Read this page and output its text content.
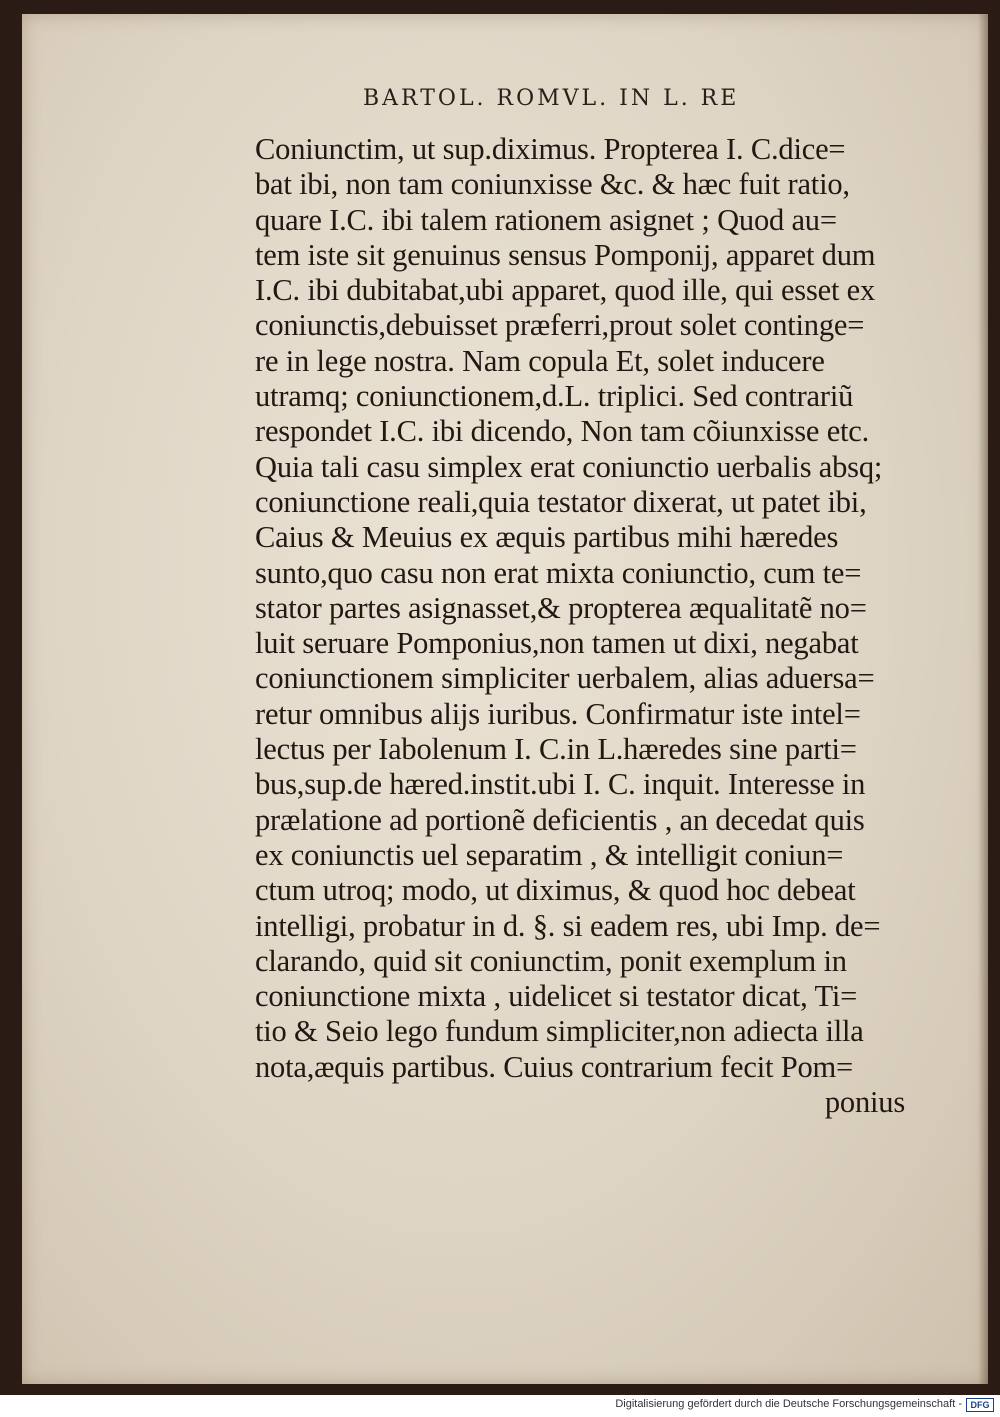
BARTOL. ROMVL. IN L. RE
Coniunctim, ut sup.diximus. Propterea I. C.dice=
bat ibi, non tam coniunxisse &c. & hæc fuit ratio,
quare I.C. ibi talem rationem asignet ; Quod au=
tem iste sit genuinus sensus Pomponij, apparet dum
I.C. ibi dubitabat,ubi apparet, quod ille, qui esset ex
coniunctis,debuisset præferri,prout solet continge=
re in lege nostra. Nam copula Et, solet inducere
utramq; coniunctionem,d.L. triplici. Sed contrariũ
respondet I.C. ibi dicendo, Non tam cõiunxisse etc.
Quia tali casu simplex erat coniunctio uerbalis absq;
coniunctione reali,quia testator dixerat, ut patet ibi,
Caius & Meuius ex æquis partibus mihi hæredes
sunto,quo casu non erat mixta coniunctio, cum te=
stator partes asignasset,& propterea æqualitatẽ no=
luit seruare Pomponius,non tamen ut dixi, negabat
coniunctionem simpliciter uerbalem, alias aduersa=
retur omnibus alijs iuribus. Confirmatur iste intel=
lectus per Iabolenum I. C.in L.hæredes sine parti=
bus,sup.de hæred.instit.ubi I. C. inquit. Interesse in
prælatione ad portionẽ deficientis , an decedat quis
ex coniunctis uel separatim , & intelligit coniun=
ctum utroq; modo, ut diximus, & quod hoc debeat
intelligi, probatur in d. §. si eadem res, ubi Imp. de=
clarando, quid sit coniunctim, ponit exemplum in
coniunctione mixta , uidelicet si testator dicat, Ti=
tio & Seio lego fundum simpliciter,non adiecta illa
nota,æquis partibus. Cuius contrarium fecit Pom=
ponius
Digitalisierung gefördert durch die Deutsche Forschungsgemeinschaft - DFG
